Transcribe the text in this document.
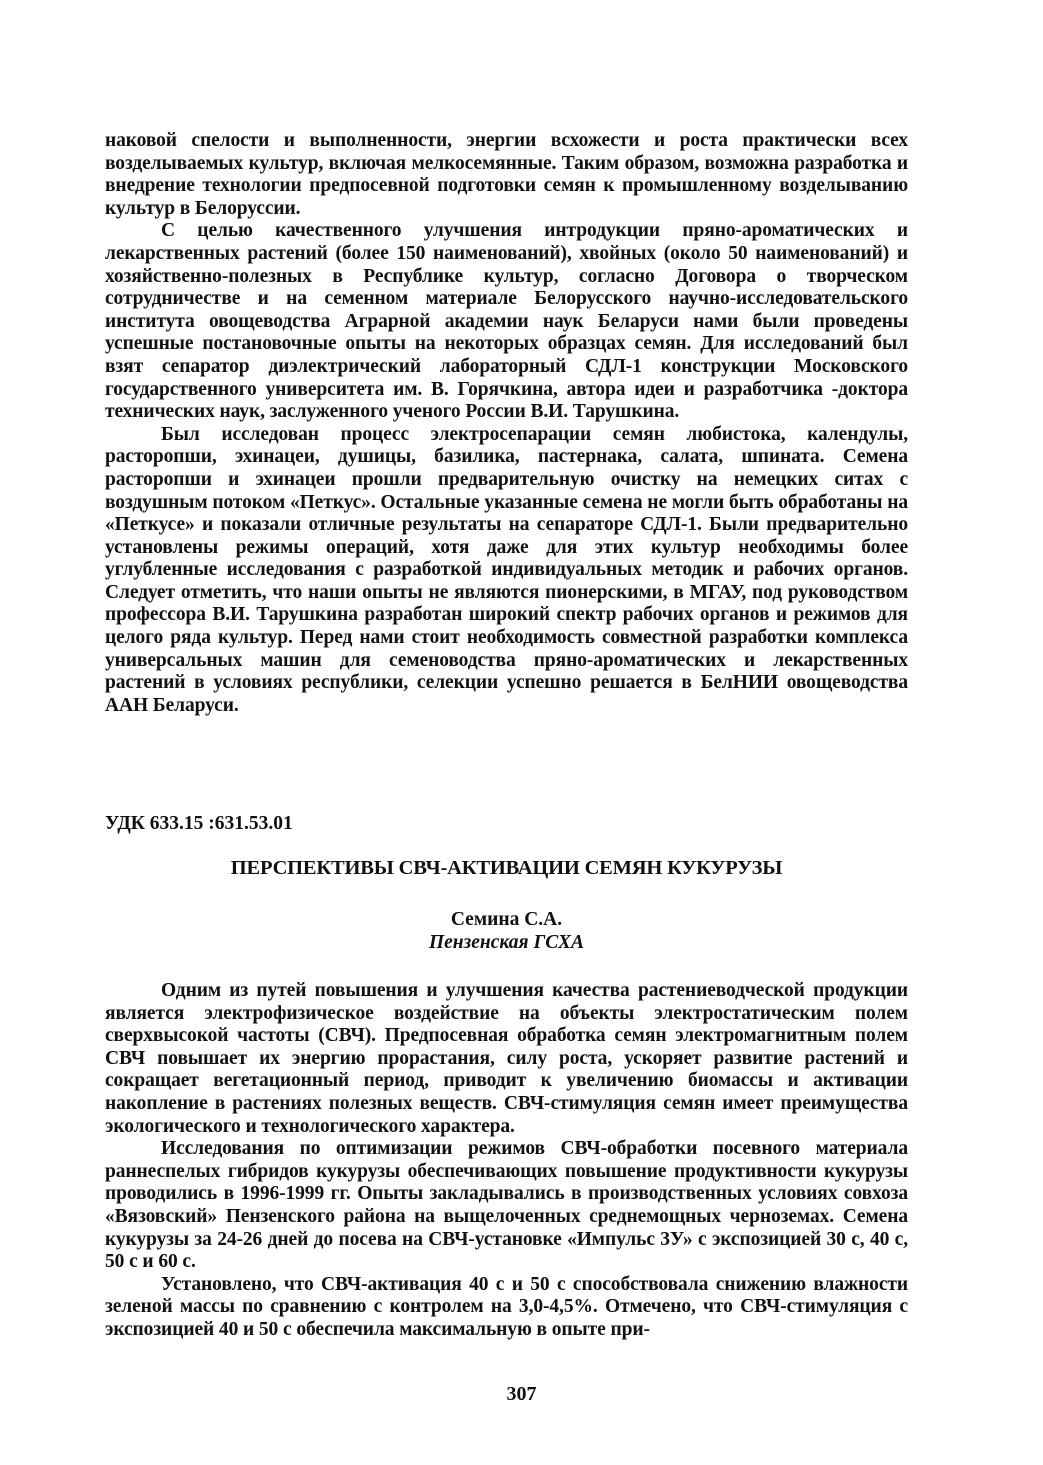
наковой спелости и выполненности, энергии всхожести и роста практически всех возделываемых культур, включая мелкосемянные. Таким образом, возможна разработка и внедрение технологии предпосевной подготовки семян к промышленному возделыванию культур в Белоруссии.

С целью качественного улучшения интродукции пряно-ароматических и лекарственных растений (более 150 наименований), хвойных (около 50 наименований) и хозяйственно-полезных в Республике культур, согласно Договора о творческом сотрудничестве и на семенном материале Белорусского научно-исследовательского института овощеводства Аграрной академии наук Беларуси нами были проведены успешные постановочные опыты на некоторых образцах семян. Для исследований был взят сепаратор диэлектрический лабораторный СДЛ-1 конструкции Московского государственного университета им. В. Горячкина, автора идеи и разработчика -доктора технических наук, заслуженного ученого России В.И. Тарушкина.

Был исследован процесс электросепарации семян любистока, календулы, расторопши, эхинацеи, душицы, базилика, пастернака, салата, шпината. Семена расторопши и эхинацеи прошли предварительную очистку на немецких ситах с воздушным потоком «Петкус». Остальные указанные семена не могли быть обработаны на «Петкусе» и показали отличные результаты на сепараторе СДЛ-1. Были предварительно установлены режимы операций, хотя даже для этих культур необходимы более углубленные исследования с разработкой индивидуальных методик и рабочих органов. Следует отметить, что наши опыты не являются пионерскими, в МГАУ, под руководством профессора В.И. Тарушкина разработан широкий спектр рабочих органов и режимов для целого ряда культур. Перед нами стоит необходимость совместной разработки комплекса универсальных машин для семеноводства пряно-ароматических и лекарственных растений в условиях республики, селекции успешно решается в БелНИИ овощеводства ААН Беларуси.

УДК 633.15 :631.53.01
ПЕРСПЕКТИВЫ СВЧ-АКТИВАЦИИ СЕМЯН КУКУРУЗЫ
Семина С.А.
Пензенская ГСХА

Одним из путей повышения и улучшения качества растениеводческой продукции является электрофизическое воздействие на объекты электростатическим полем сверхвысокой частоты (СВЧ). Предпосевная обработка семян электромагнитным полем СВЧ повышает их энергию прорастания, силу роста, ускоряет развитие растений и сокращает вегетационный период, приводит к увеличению биомассы и активации накопление в растениях полезных веществ. СВЧ-стимуляция семян имеет преимущества экологического и технологического характера.

Исследования по оптимизации режимов СВЧ-обработки посевного материала раннеспелых гибридов кукурузы обеспечивающих повышение продуктивности кукурузы проводились в 1996-1999 гг. Опыты закладывались в производственных условиях совхоза «Вязовский» Пензенского района на выщелоченных среднемощных черноземах. Семена кукурузы за 24-26 дней до посева на СВЧ-установке «Импульс 3У» с экспозицией 30 с, 40 с, 50 с и 60 с.

Установлено, что СВЧ-активация 40 с и 50 с способствовала снижению влажности зеленой массы по сравнению с контролем на 3,0-4,5%. Отмечено, что СВЧ-стимуляция с экспозицией 40 и 50 с обеспечила максимальную в опыте при-

307
